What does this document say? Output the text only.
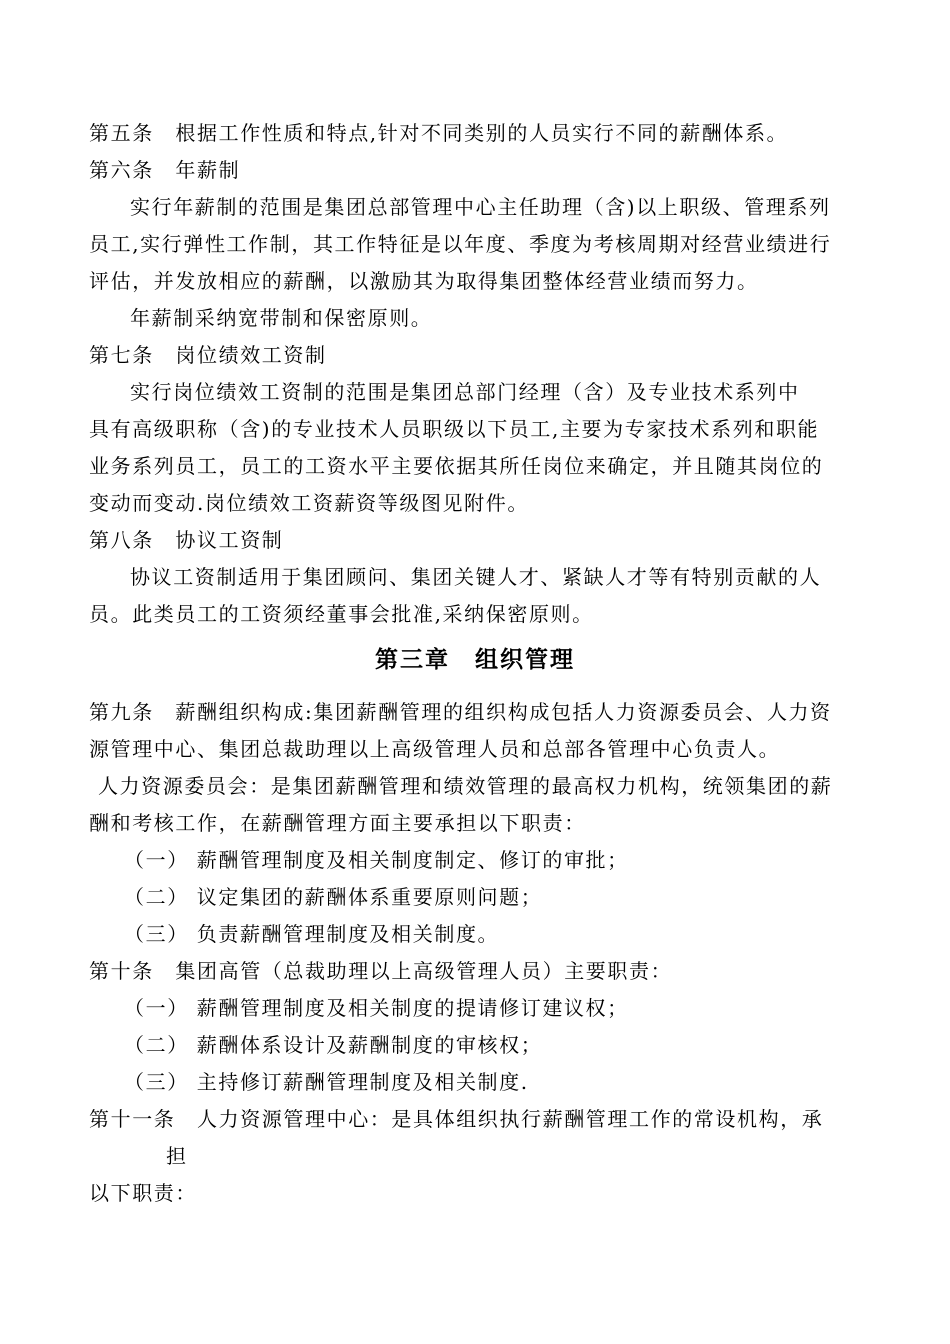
第五条　根据工作性质和特点,针对不同类别的人员实行不同的薪酬体系。
第六条　年薪制
实行年薪制的范围是集团总部管理中心主任助理（含)以上职级、管理系列
员工,实行弹性工作制，其工作特征是以年度、季度为考核周期对经营业绩进行
评估，并发放相应的薪酬，以激励其为取得集团整体经营业绩而努力。
年薪制采纳宽带制和保密原则。
第七条　岗位绩效工资制
实行岗位绩效工资制的范围是集团总部门经理（含）及专业技术系列中
具有高级职称（含)的专业技术人员职级以下员工,主要为专家技术系列和职能
业务系列员工，员工的工资水平主要依据其所任岗位来确定，并且随其岗位的
变动而变动.岗位绩效工资薪资等级图见附件。
第八条　协议工资制
协议工资制适用于集团顾问、集团关键人才、紧缺人才等有特别贡献的人
员。此类员工的工资须经董事会批准,采纳保密原则。
第三章　组织管理
第九条　薪酬组织构成:集团薪酬管理的组织构成包括人力资源委员会、人力资
源管理中心、集团总裁助理以上高级管理人员和总部各管理中心负责人。
人力资源委员会：是集团薪酬管理和绩效管理的最高权力机构，统领集团的薪
酬和考核工作，在薪酬管理方面主要承担以下职责：
（一） 薪酬管理制度及相关制度制定、修订的审批；
（二） 议定集团的薪酬体系重要原则问题；
（三） 负责薪酬管理制度及相关制度。
第十条　集团高管（总裁助理以上高级管理人员）主要职责：
（一） 薪酬管理制度及相关制度的提请修订建议权；
（二） 薪酬体系设计及薪酬制度的审核权；
（三） 主持修订薪酬管理制度及相关制度.
第十一条　人力资源管理中心：是具体组织执行薪酬管理工作的常设机构，承
担
以下职责：
